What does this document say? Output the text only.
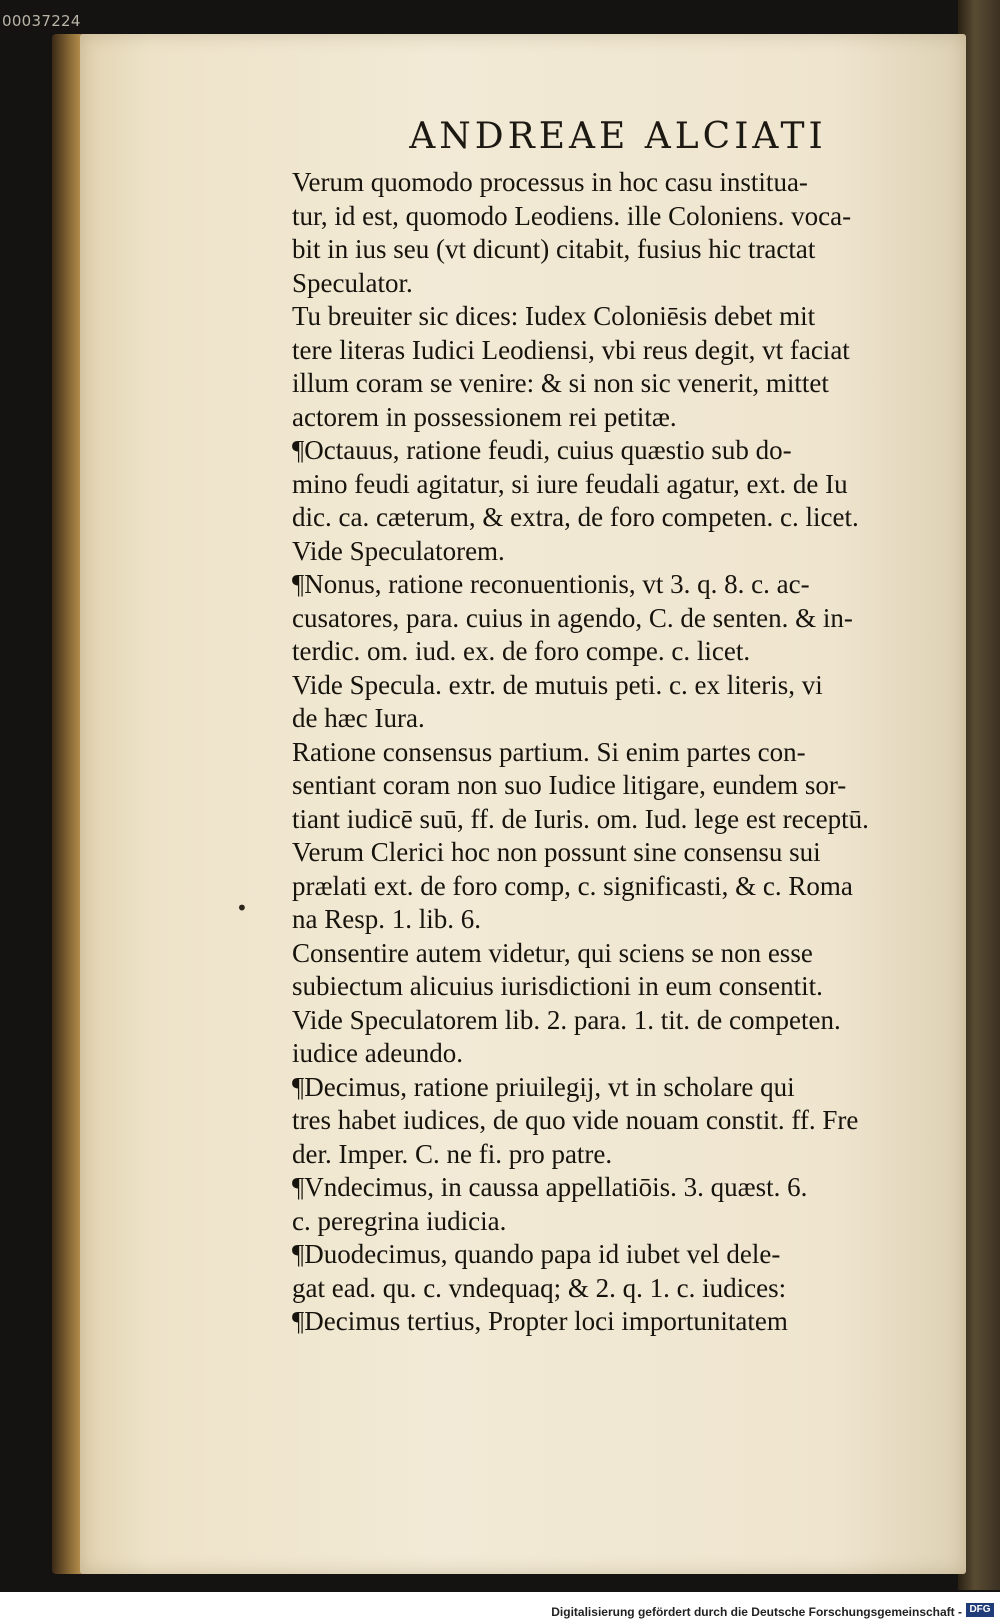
00037224
ANDREAE ALCIATI
•
Verum quomodo processus in hoc casu institua-
tur, id est, quomodo Leodiens. ille Coloniens. voca-
bit in ius seu (vt dicunt) citabit, fusius hic tractat
Speculator.
Tu breuiter sic dices: Iudex Coloniēsis debet mit
tere literas Iudici Leodiensi, vbi reus degit, vt faciat
illum coram se venire: & si non sic venerit, mittet
actorem in possessionem rei petitæ.
¶Octauus, ratione feudi, cuius quæstio sub do-
mino feudi agitatur, si iure feudali agatur, ext. de Iu
dic. ca. cæterum, & extra, de foro competen. c. licet.
Vide Speculatorem.
¶Nonus, ratione reconuentionis, vt 3. q. 8. c. ac-
cusatores, para. cuius in agendo, C. de senten. & in-
terdic. om. iud. ex. de foro compe. c. licet.
Vide Specula. extr. de mutuis peti. c. ex literis, vi
de hæc Iura.
Ratione consensus partium. Si enim partes con-
sentiant coram non suo Iudice litigare, eundem sor-
tiant iudicē suū, ff. de Iuris. om. Iud. lege est receptū.
Verum Clerici hoc non possunt sine consensu sui
prælati ext. de foro comp, c. significasti, & c. Roma
na Resp. 1. lib. 6.
Consentire autem videtur, qui sciens se non esse
subiectum alicuius iurisdictioni in eum consentit.
Vide Speculatorem lib. 2. para. 1. tit. de competen.
iudice adeundo.
¶Decimus, ratione priuilegij, vt in scholare qui
tres habet iudices, de quo vide nouam constit. ff. Fre
der. Imper. C. ne fi. pro patre.
¶Vndecimus, in caussa appellatiōis. 3. quæst. 6.
c. peregrina iudicia.
¶Duodecimus, quando papa id iubet vel dele-
gat ead. qu. c. vndequaq; & 2. q. 1. c. iudices:
¶Decimus tertius, Propter loci importunitatem
Digitalisierung gefördert durch die Deutsche Forschungsgemeinschaft - DFG
